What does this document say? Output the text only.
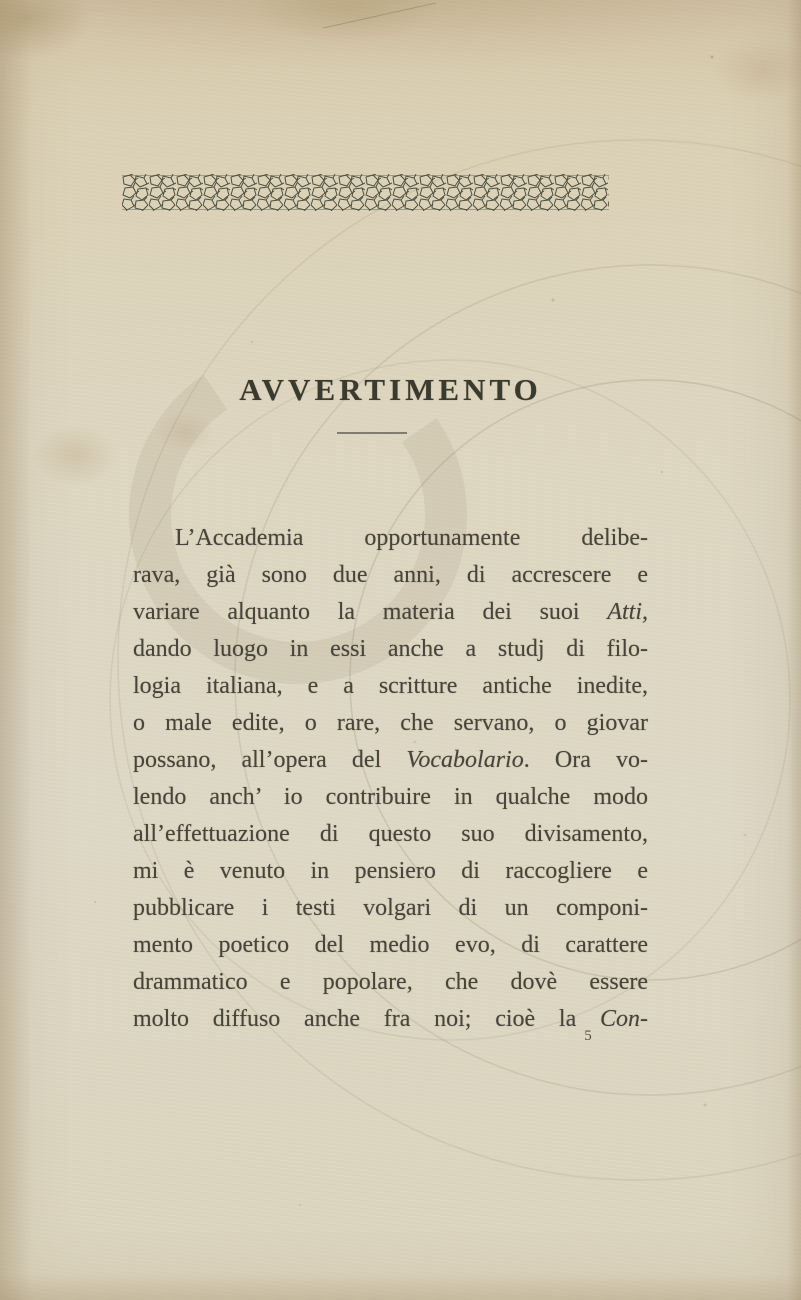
AVVERTIMENTO

L’Accademia opportunamente delibe-

rava, già sono due anni, di accrescere e

variare alquanto la materia dei suoi Atti,

dando luogo in essi anche a studj di filo-

logia italiana, e a scritture antiche inedite,

o male edite, o rare, che servano, o giovar

possano, all’opera del Vocabolario. Ora vo-

lendo anch’ io contribuire in qualche modo

all’effettuazione di questo suo divisamento,

mi è venuto in pensiero di raccogliere e

pubblicare i testi volgari di un componi-

mento poetico del medio evo, di carattere

drammatico e popolare, che dovè essere

molto diffuso anche fra noi; cioè la Con-

5
